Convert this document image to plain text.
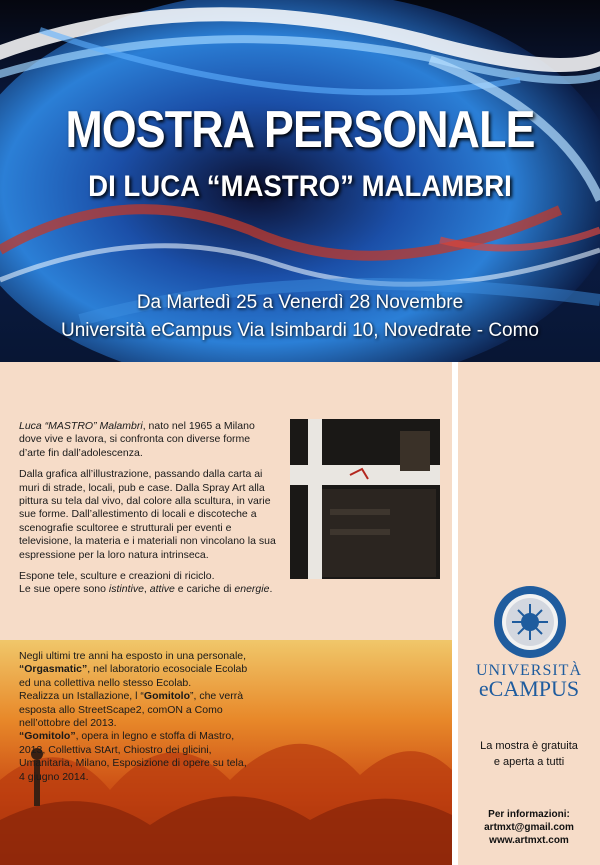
MOSTRA PERSONALE
DI LUCA “MASTRO” MALAMBRI
Da Martedì 25 a Venerdì 28 Novembre
Università eCampus Via Isimbardi 10, Novedrate - Como

Luca “MASTRO” Malambri, nato nel 1965 a Milano dove vive e lavora, si confronta con diverse forme d’arte fin dall’adolescenza.

Dalla grafica all’illustrazione, passando dalla carta ai muri di strade, locali, pub e case. Dalla Spray Art alla pittura su tela dal vivo, dal colore alla scultura, in varie sue forme. Dall’allestimento di locali e discoteche a scenografie scultoree e strutturali per eventi e televisione, la materia e i materiali non vincolano la sua espressione per la loro natura intrinseca.

Espone tele, sculture e creazioni di riciclo.

Le sue opere sono istintive, attive e cariche di energie.

Negli ultimi tre anni ha esposto in una personale, “Orgasmatic”, nel laboratorio ecosociale Ecolab ed una collettiva nello stesso Ecolab.
Realizza un Istallazione, l “Gomitolo”, che verrà esposta allo StreetScape2, comON a Como nell’ottobre del 2013.
“Gomitolo”, opera in legno e stoffa di Mastro, 2013, Collettiva StArt, Chiostro dei glicini, Umanitaria, Milano, Esposizione di opere su tela, 4 giugno 2014.
UNIVERSITÀ
eCAMPUS
La mostra è gratuita
e aperta a tutti
Per informazioni:
artmxt@gmail.com
www.artmxt.com
